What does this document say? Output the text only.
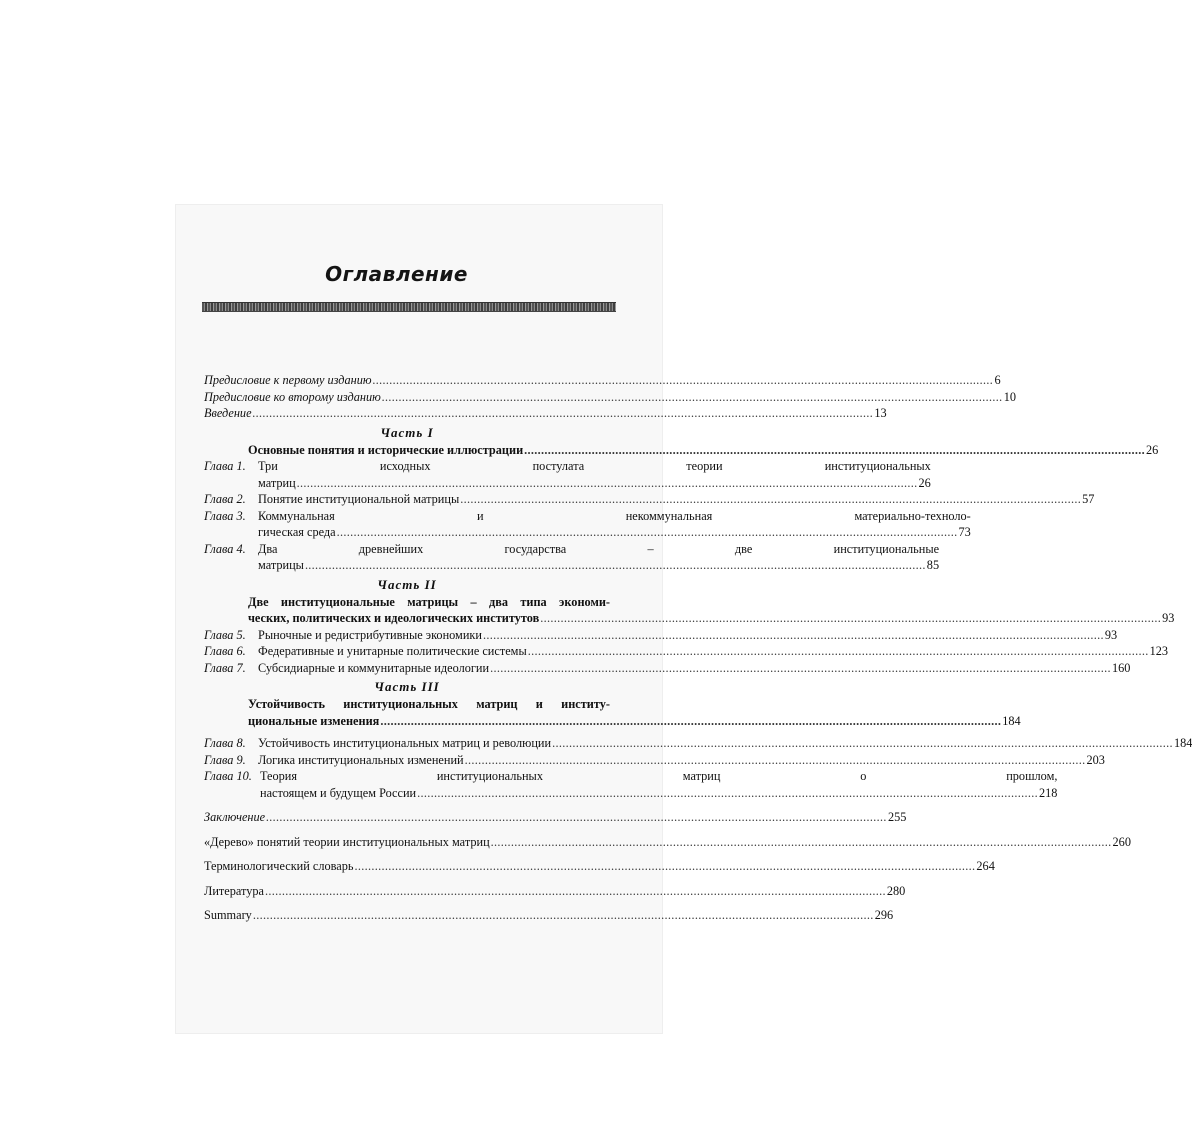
Оглавление
Предисловие к первому изданию .....	6
Предисловие ко второму изданию .....	10
Введение .....	13
Часть I
Основные понятия и исторические иллюстрации .....	26
Глава 1. Три исходных постулата теории институциональных
матриц .....	26
Глава 2. Понятие институциональной матрицы .....	57
Глава 3. Коммунальная и некоммунальная материально-техноло-
гическая среда .....	73
Глава 4. Два древнейших государства – две институциональные
матрицы .....	85
Часть II
Две институциональные матрицы – два типа экономи-
ческих, политических и идеологических институтов .....	93
Глава 5. Рыночные и редистрибутивные экономики .....	93
Глава 6. Федеративные и унитарные политические системы .....	123
Глава 7. Субсидиарные и коммунитарные идеологии .....	160
Часть III
Устойчивость институциональных матриц и институ-
циональные изменения .....	184
Глава 8. Устойчивость институциональных матриц и революции .....	184
Глава 9. Логика институциональных изменений .....	203
Глава 10. Теория институциональных матриц о прошлом,
настоящем и будущем России .....	218
Заключение .....	255
«Дерево» понятий теории институциональных матриц .....	260
Терминологический словарь .....	264
Литература .....	280
Summary .....	296
